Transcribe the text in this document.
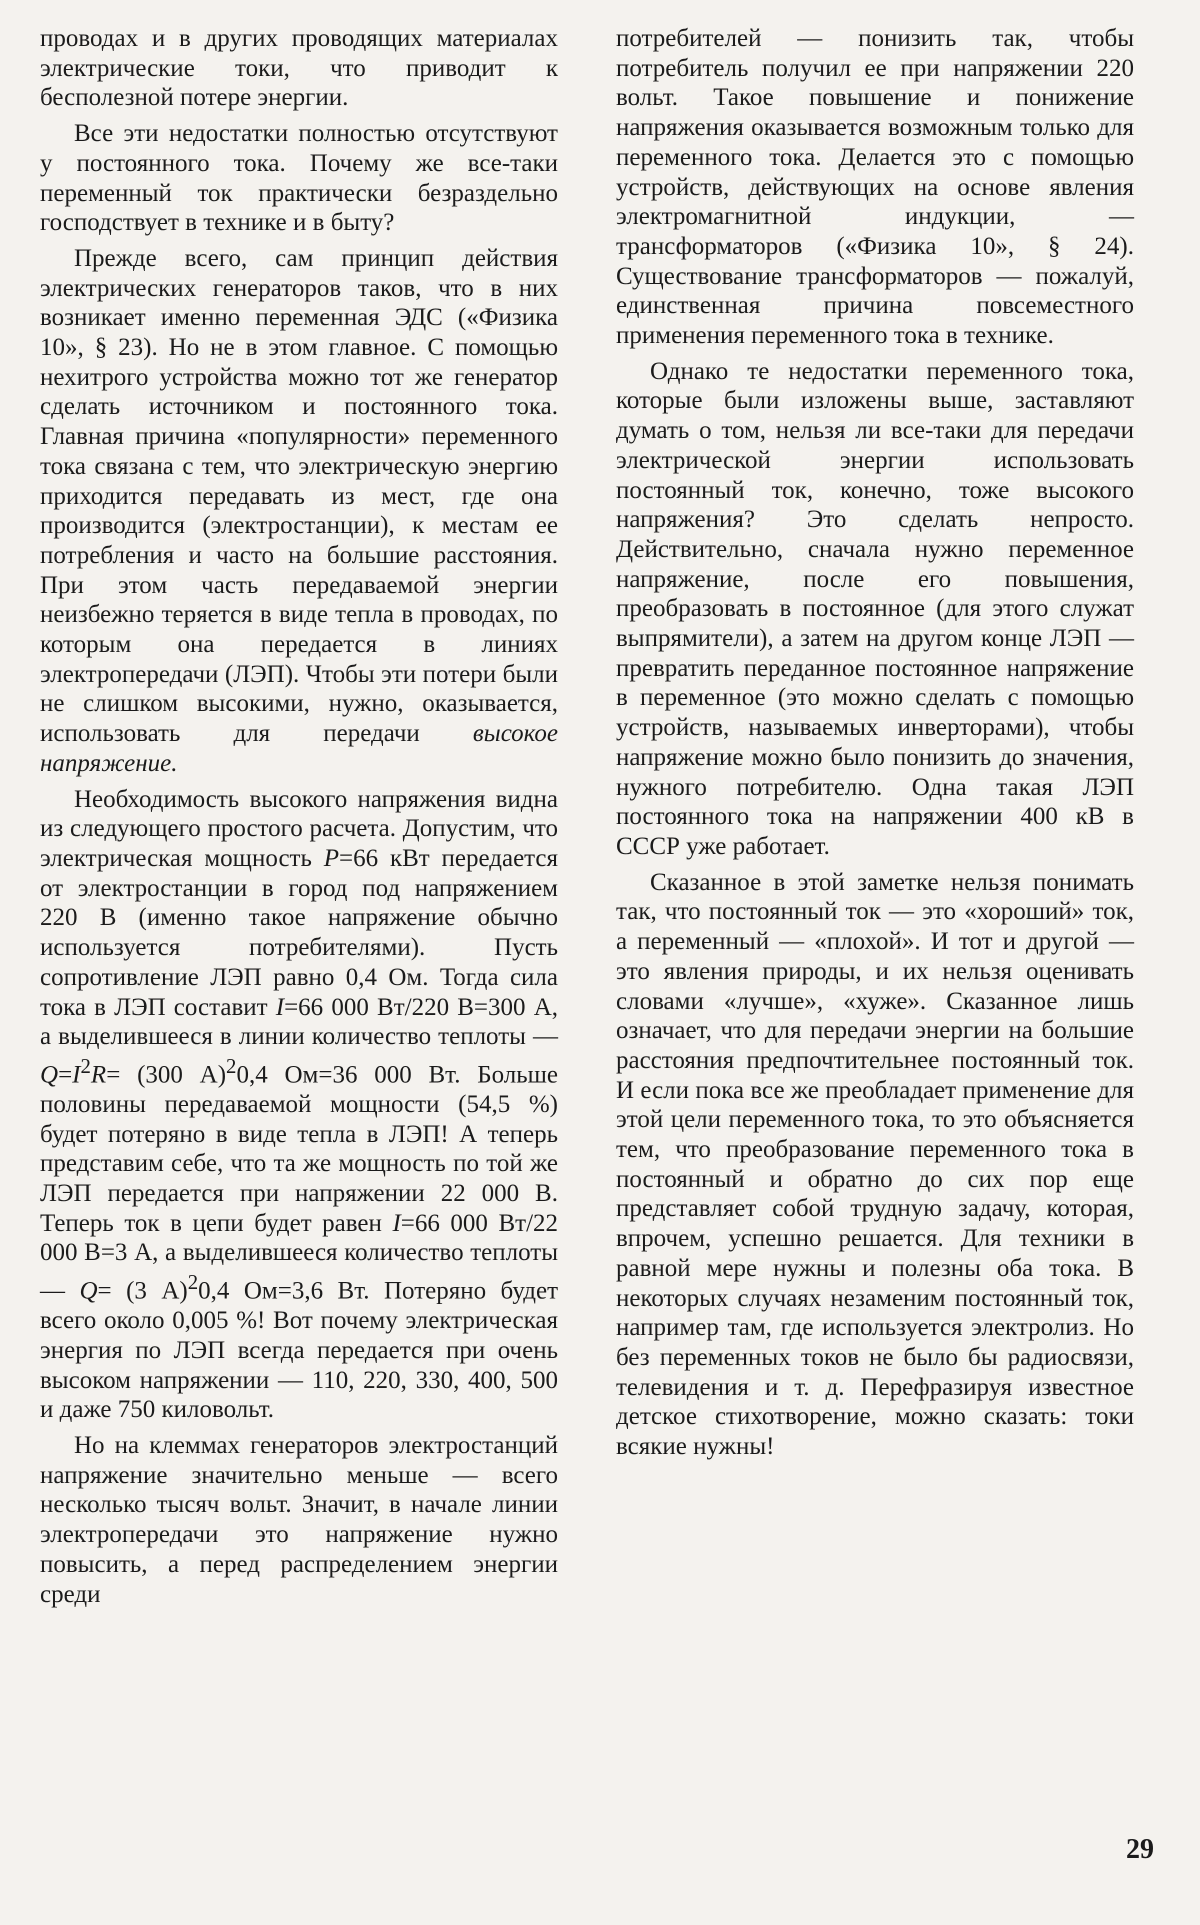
проводах и в других проводящих материалах электрические токи, что приводит к бесполезной потере энергии.

Все эти недостатки полностью отсутствуют у постоянного тока. Почему же все-таки переменный ток практически безраздельно господствует в технике и в быту?

Прежде всего, сам принцип действия электрических генераторов таков, что в них возникает именно переменная ЭДС («Физика 10», § 23). Но не в этом главное. С помощью нехитрого устройства можно тот же генератор сделать источником и постоянного тока. Главная причина «популярности» переменного тока связана с тем, что электрическую энергию приходится передавать из мест, где она производится (электростанции), к местам ее потребления и часто на большие расстояния. При этом часть передаваемой энергии неизбежно теряется в виде тепла в проводах, по которым она передается в линиях электропередачи (ЛЭП). Чтобы эти потери были не слишком высокими, нужно, оказывается, использовать для передачи высокое напряжение.

Необходимость высокого напряжения видна из следующего простого расчета. Допустим, что электрическая мощность P=66 кВт передается от электростанции в город под напряжением 220 В (именно такое напряжение обычно используется потребителями). Пусть сопротивление ЛЭП равно 0,4 Ом. Тогда сила тока в ЛЭП составит I=66 000 Вт/220 В=300 А, а выделившееся в линии количество теплоты — $Q=I^2R= (300$ А)$^2$0,4 Ом=36 000 Вт. Больше половины передаваемой мощности (54,5 %) будет потеряно в виде тепла в ЛЭП! А теперь представим себе, что та же мощность по той же ЛЭП передается при напряжении 22 000 В. Теперь ток в цепи будет равен I=66 000 Вт/22 000 В=3 А, а выделившееся количество теплоты — Q= (3 А)$^2$0,4 Ом=3,6 Вт. Потеряно будет всего около 0,005 %! Вот почему электрическая энергия по ЛЭП всегда передается при очень высоком напряжении — 110, 220, 330, 400, 500 и даже 750 киловольт.

Но на клеммах генераторов электростанций напряжение значительно меньше — всего несколько тысяч вольт. Значит, в начале линии электропередачи это напряжение нужно повысить, а перед распределением энергии среди

потребителей — понизить так, чтобы потребитель получил ее при напряжении 220 вольт. Такое повышение и понижение напряжения оказывается возможным только для переменного тока. Делается это с помощью устройств, действующих на основе явления электромагнитной индукции, — трансформаторов («Физика 10», § 24). Существование трансформаторов — пожалуй, единственная причина повсеместного применения переменного тока в технике.

Однако те недостатки переменного тока, которые были изложены выше, заставляют думать о том, нельзя ли все-таки для передачи электрической энергии использовать постоянный ток, конечно, тоже высокого напряжения? Это сделать непросто. Действительно, сначала нужно переменное напряжение, после его повышения, преобразовать в постоянное (для этого служат выпрямители), а затем на другом конце ЛЭП — превратить переданное постоянное напряжение в переменное (это можно сделать с помощью устройств, называемых инверторами), чтобы напряжение можно было понизить до значения, нужного потребителю. Одна такая ЛЭП постоянного тока на напряжении 400 кВ в СССР уже работает.

Сказанное в этой заметке нельзя понимать так, что постоянный ток — это «хороший» ток, а переменный — «плохой». И тот и другой — это явления природы, и их нельзя оценивать словами «лучше», «хуже». Сказанное лишь означает, что для передачи энергии на большие расстояния предпочтительнее постоянный ток. И если пока все же преобладает применение для этой цели переменного тока, то это объясняется тем, что преобразование переменного тока в постоянный и обратно до сих пор еще представляет собой трудную задачу, которая, впрочем, успешно решается. Для техники в равной мере нужны и полезны оба тока. В некоторых случаях незаменим постоянный ток, например там, где используется электролиз. Но без переменных токов не было бы радиосвязи, телевидения и т. д. Перефразируя известное детское стихотворение, можно сказать: токи всякие нужны!

29
